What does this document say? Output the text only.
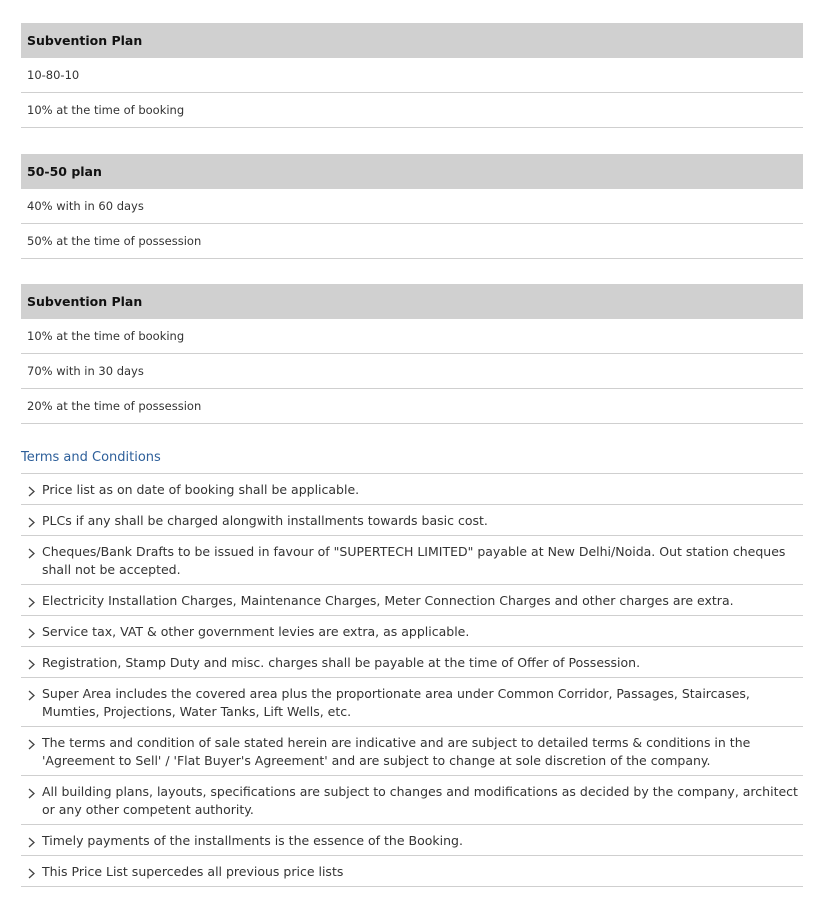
Subvention Plan
10-80-10
10% at the time of booking
50-50 plan
40% with in 60 days
50% at the time of possession
Subvention Plan
10% at the time of booking
70% with in 30 days
20% at the time of possession
Terms and Conditions
Price list as on date of booking shall be applicable.
PLCs if any shall be charged alongwith installments towards basic cost.
Cheques/Bank Drafts to be issued in favour of "SUPERTECH LIMITED" payable at New Delhi/Noida. Out station cheques shall not be accepted.
Electricity Installation Charges, Maintenance Charges, Meter Connection Charges and other charges are extra.
Service tax, VAT & other government levies are extra, as applicable.
Registration, Stamp Duty and misc. charges shall be payable at the time of Offer of Possession.
Super Area includes the covered area plus the proportionate area under Common Corridor, Passages, Staircases, Mumties, Projections, Water Tanks, Lift Wells, etc.
The terms and condition of sale stated herein are indicative and are subject to detailed terms & conditions in the 'Agreement to Sell' / 'Flat Buyer's Agreement' and are subject to change at sole discretion of the company.
All building plans, layouts, specifications are subject to changes and modifications as decided by the company, architect or any other competent authority.
Timely payments of the installments is the essence of the Booking.
This Price List supercedes all previous price lists
